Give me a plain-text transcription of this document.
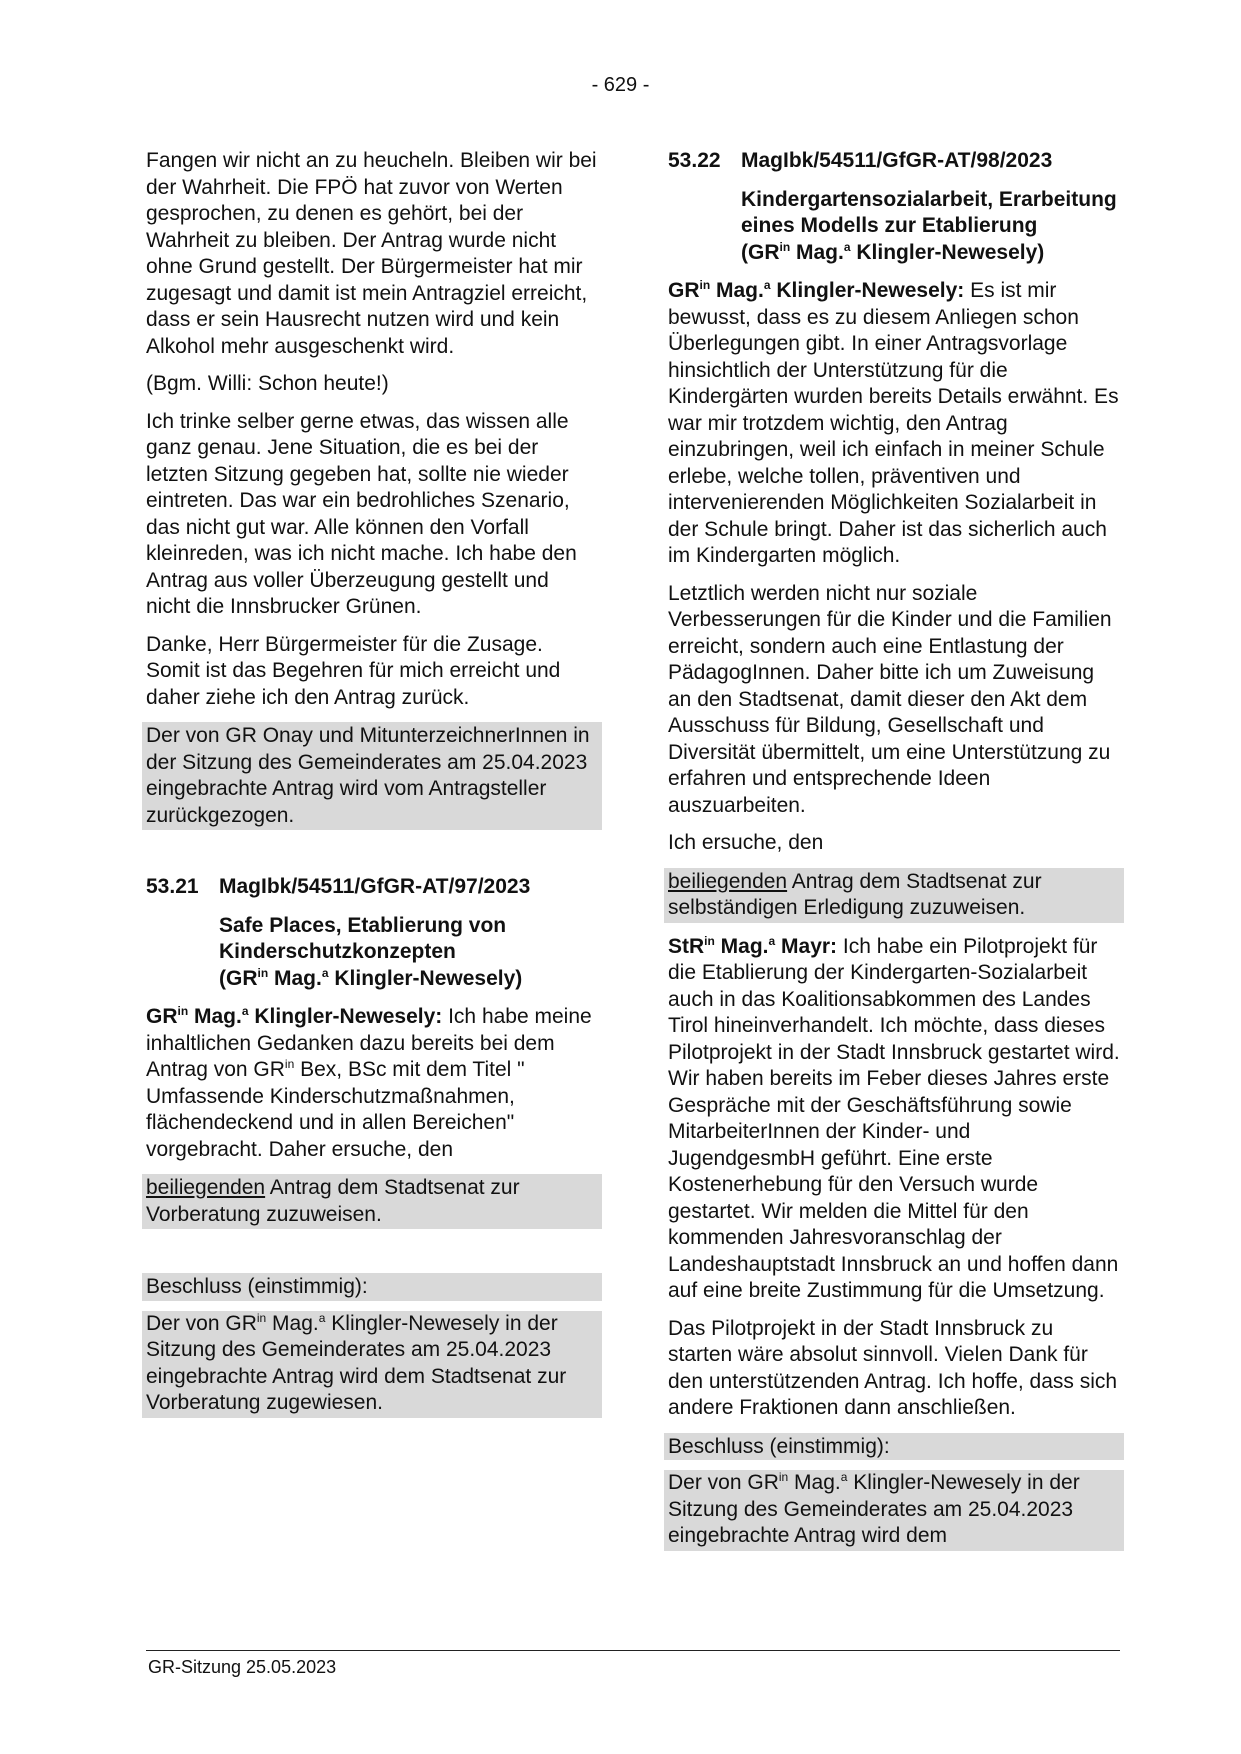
- 629 -

Fangen wir nicht an zu heucheln. Bleiben wir bei der Wahrheit. Die FPÖ hat zuvor von Werten gesprochen, zu denen es gehört, bei der Wahrheit zu bleiben. Der Antrag wurde nicht ohne Grund gestellt. Der Bürgermeister hat mir zugesagt und damit ist mein Antragziel erreicht, dass er sein Hausrecht nutzen wird und kein Alkohol mehr ausgeschenkt wird.

(Bgm. Willi: Schon heute!)

Ich trinke selber gerne etwas, das wissen alle ganz genau. Jene Situation, die es bei der letzten Sitzung gegeben hat, sollte nie wieder eintreten. Das war ein bedrohliches Szenario, das nicht gut war. Alle können den Vorfall kleinreden, was ich nicht mache. Ich habe den Antrag aus voller Überzeugung gestellt und nicht die Innsbrucker Grünen.

Danke, Herr Bürgermeister für die Zusage. Somit ist das Begehren für mich erreicht und daher ziehe ich den Antrag zurück.

Der von GR Onay und MitunterzeichnerInnen in der Sitzung des Gemeinderates am 25.04.2023 eingebrachte Antrag wird vom Antragsteller zurückgezogen.

53.21 MagIbk/54511/GfGR-AT/97/2023
Safe Places, Etablierung von Kinderschutzkonzepten
($GR^{in}$ Mag.$^a$ Klingler-Newesely)

$GR^{in}$ Mag.$^a$ Klingler-Newesely: Ich habe meine inhaltlichen Gedanken dazu bereits bei dem Antrag von $GR^{in}$ Bex, BSc mit dem Titel " Umfassende Kinderschutzmaßnahmen, flächendeckend und in allen Bereichen" vorgebracht. Daher ersuche, den

beiliegenden Antrag dem Stadtsenat zur Vorberatung zuzuweisen.

Beschluss (einstimmig):

Der von $GR^{in}$ Mag.$^a$ Klingler-Newesely in der Sitzung des Gemeinderates am 25.04.2023 eingebrachte Antrag wird dem Stadtsenat zur Vorberatung zugewiesen.

53.22 MagIbk/54511/GfGR-AT/98/2023
Kindergartensozialarbeit, Erarbeitung eines Modells zur Etablierung
($GR^{in}$ Mag.$^a$ Klingler-Newesely)

$GR^{in}$ Mag.$^a$ Klingler-Newesely: Es ist mir bewusst, dass es zu diesem Anliegen schon Überlegungen gibt. In einer Antragsvorlage hinsichtlich der Unterstützung für die Kindergärten wurden bereits Details erwähnt. Es war mir trotzdem wichtig, den Antrag einzubringen, weil ich einfach in meiner Schule erlebe, welche tollen, präventiven und intervenierenden Möglichkeiten Sozialarbeit in der Schule bringt. Daher ist das sicherlich auch im Kindergarten möglich.

Letztlich werden nicht nur soziale Verbesserungen für die Kinder und die Familien erreicht, sondern auch eine Entlastung der PädagogInnen. Daher bitte ich um Zuweisung an den Stadtsenat, damit dieser den Akt dem Ausschuss für Bildung, Gesellschaft und Diversität übermittelt, um eine Unterstützung zu erfahren und entsprechende Ideen auszuarbeiten.

Ich ersuche, den

beiliegenden Antrag dem Stadtsenat zur selbständigen Erledigung zuzuweisen.

StR$^{in}$ Mag.$^a$ Mayr: Ich habe ein Pilotprojekt für die Etablierung der Kindergarten-Sozialarbeit auch in das Koalitionsabkommen des Landes Tirol hineinverhandelt. Ich möchte, dass dieses Pilotprojekt in der Stadt Innsbruck gestartet wird. Wir haben bereits im Feber dieses Jahres erste Gespräche mit der Geschäftsführung sowie MitarbeiterInnen der Kinder- und JugendgesmbH geführt. Eine erste Kostenerhebung für den Versuch wurde gestartet. Wir melden die Mittel für den kommenden Jahresvoranschlag der Landeshauptstadt Innsbruck an und hoffen dann auf eine breite Zustimmung für die Umsetzung.

Das Pilotprojekt in der Stadt Innsbruck zu starten wäre absolut sinnvoll. Vielen Dank für den unterstützenden Antrag. Ich hoffe, dass sich andere Fraktionen dann anschließen.

Beschluss (einstimmig):

Der von $GR^{in}$ Mag.$^a$ Klingler-Newesely in der Sitzung des Gemeinderates am 25.04.2023 eingebrachte Antrag wird dem

GR-Sitzung 25.05.2023
